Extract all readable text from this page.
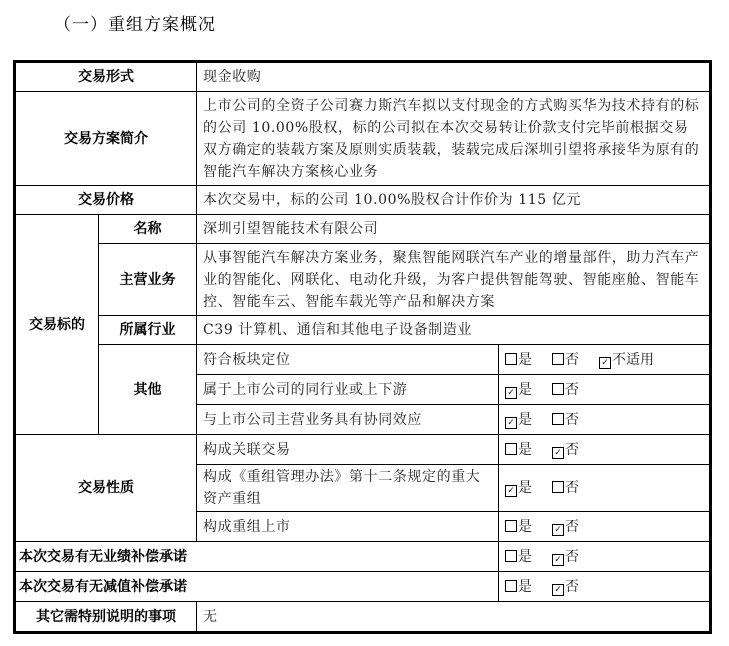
（一）重组方案概况
交易形式		现金收购	
交易方案简介		上市公司的全资子公司赛力斯汽车拟以支付现金的方式购买华为技术持有的标的公司 10.00%股权，标的公司拟在本次交易转让价款支付完毕前根据交易双方确定的装载方案及原则实质装载，装载完成后深圳引望将承接华为原有的智能汽车解决方案核心业务	
交易价格		本次交易中，标的公司 10.00%股权合计作价为 115 亿元	
交易标的	名称	深圳引望智能技术有限公司	
	主营业务	从事智能汽车解决方案业务，聚焦智能网联汽车产业的增量部件，助力汽车产业的智能化、网联化、电动化升级，为客户提供智能驾驶、智能座舱、智能车控、智能车云、智能车载光等产品和解决方案	
	所属行业	C39 计算机、通信和其他电子设备制造业	
	其他	符合板块定位	是 否 ✓ 不适用
		属于上市公司的同行业或上下游	✓ 是 否
		与上市公司主营业务具有协同效应	✓ 是 否
交易性质		构成关联交易	是 ✓ 否
		构成《重组管理办法》第十二条规定的重大资产重组	✓ 是 否
		构成重组上市	是 ✓ 否
本次交易有无业绩补偿承诺			是 ✓ 否
本次交易有无减值补偿承诺			是 ✓ 否
其它需特别说明的事项		无	
